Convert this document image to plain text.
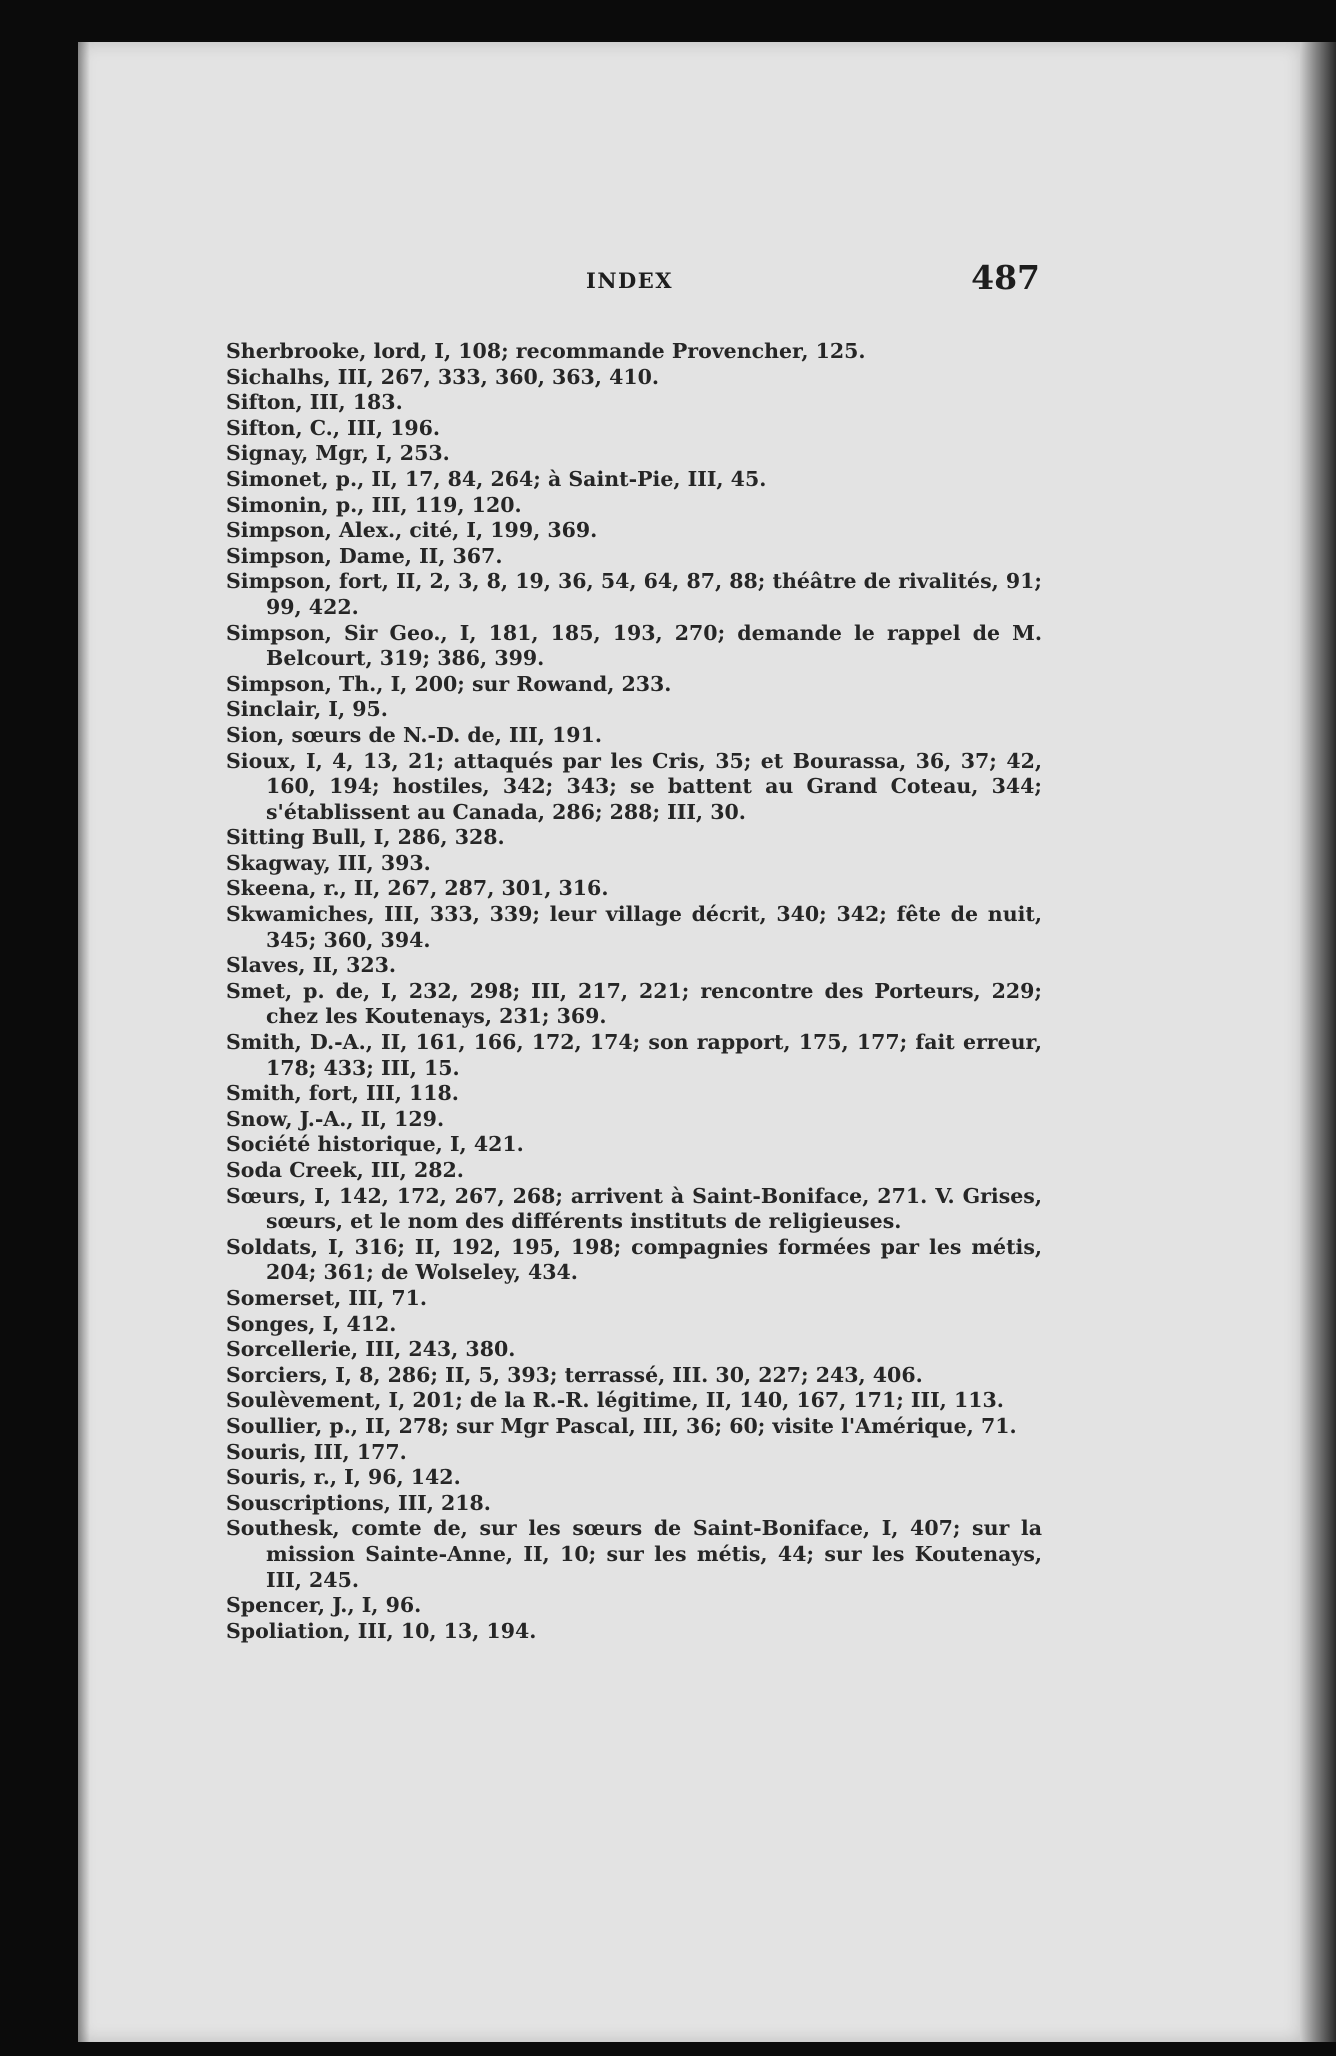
INDEX	487
Sherbrooke, lord, I, 108; recommande Provencher, 125.
Sichalhs, III, 267, 333, 360, 363, 410.
Sifton, III, 183.
Sifton, C., III, 196.
Signay, Mgr, I, 253.
Simonet, p., II, 17, 84, 264; à Saint-Pie, III, 45.
Simonin, p., III, 119, 120.
Simpson, Alex., cité, I, 199, 369.
Simpson, Dame, II, 367.
Simpson, fort, II, 2, 3, 8, 19, 36, 54, 64, 87, 88; théâtre de rivalités, 91; 99, 422.
Simpson, Sir Geo., I, 181, 185, 193, 270; demande le rappel de M. Belcourt, 319; 386, 399.
Simpson, Th., I, 200; sur Rowand, 233.
Sinclair, I, 95.
Sion, sœurs de N.-D. de, III, 191.
Sioux, I, 4, 13, 21; attaqués par les Cris, 35; et Bourassa, 36, 37; 42, 160, 194; hostiles, 342; 343; se battent au Grand Coteau, 344; s'établissent au Canada, 286; 288; III, 30.
Sitting Bull, I, 286, 328.
Skagway, III, 393.
Skeena, r., II, 267, 287, 301, 316.
Skwamiches, III, 333, 339; leur village décrit, 340; 342; fête de nuit, 345; 360, 394.
Slaves, II, 323.
Smet, p. de, I, 232, 298; III, 217, 221; rencontre des Porteurs, 229; chez les Koutenays, 231; 369.
Smith, D.-A., II, 161, 166, 172, 174; son rapport, 175, 177; fait erreur, 178; 433; III, 15.
Smith, fort, III, 118.
Snow, J.-A., II, 129.
Société historique, I, 421.
Soda Creek, III, 282.
Sœurs, I, 142, 172, 267, 268; arrivent à Saint-Boniface, 271. V. Grises, sœurs, et le nom des différents instituts de religieuses.
Soldats, I, 316; II, 192, 195, 198; compagnies formées par les métis, 204; 361; de Wolseley, 434.
Somerset, III, 71.
Songes, I, 412.
Sorcellerie, III, 243, 380.
Sorciers, I, 8, 286; II, 5, 393; terrassé, III. 30, 227; 243, 406.
Soulèvement, I, 201; de la R.-R. légitime, II, 140, 167, 171; III, 113.
Soullier, p., II, 278; sur Mgr Pascal, III, 36; 60; visite l'Amérique, 71.
Souris, III, 177.
Souris, r., I, 96, 142.
Souscriptions, III, 218.
Southesk, comte de, sur les sœurs de Saint-Boniface, I, 407; sur la mission Sainte-Anne, II, 10; sur les métis, 44; sur les Koutenays, III, 245.
Spencer, J., I, 96.
Spoliation, III, 10, 13, 194.
